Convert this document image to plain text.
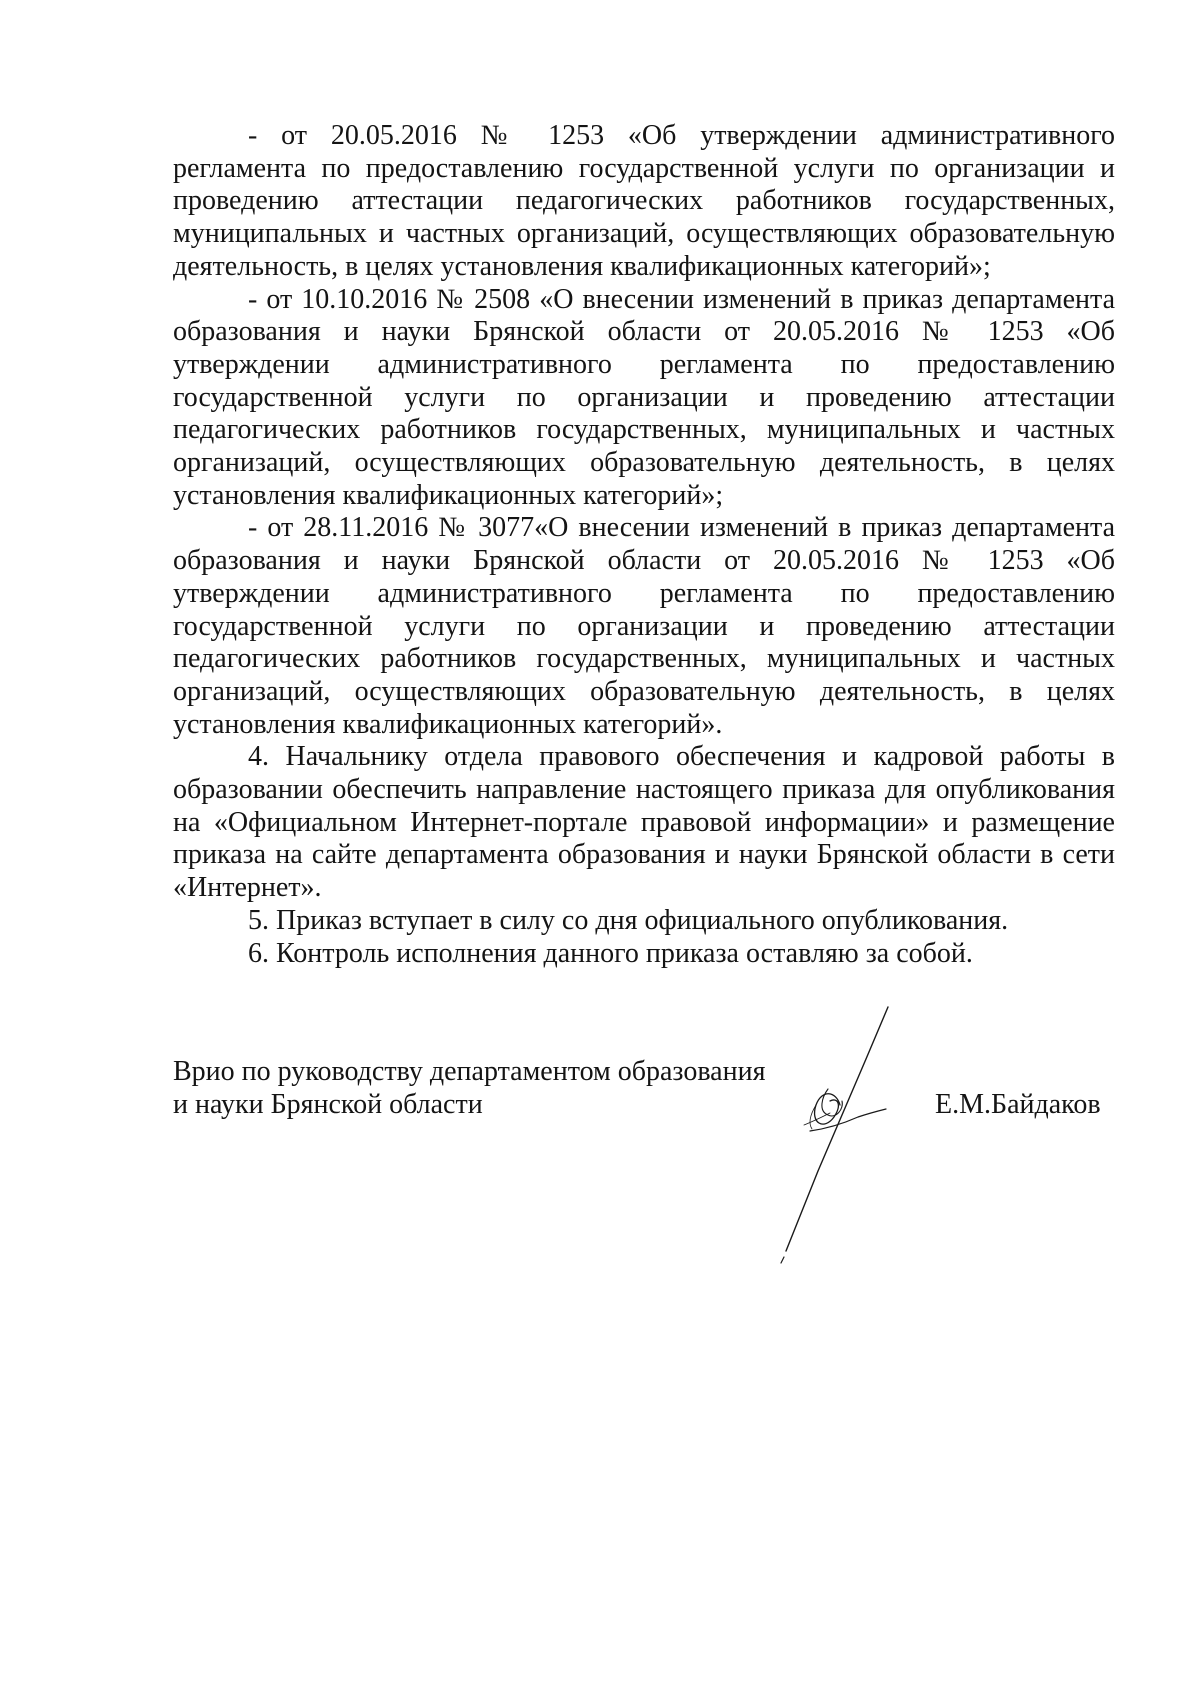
- от 20.05.2016 № 1253 «Об утверждении административного регламента по предоставлению государственной услуги по организации и проведению аттестации педагогических работников государственных, муниципальных и частных организаций, осуществляющих образовательную деятельность, в целях установления квалификационных категорий»;

- от 10.10.2016 № 2508 «О внесении изменений в приказ департамента образования и науки Брянской области от 20.05.2016 № 1253 «Об утверждении административного регламента по предоставлению государственной услуги по организации и проведению аттестации педагогических работников государственных, муниципальных и частных организаций, осуществляющих образовательную деятельность, в целях установления квалификационных категорий»;

- от 28.11.2016 № 3077«О внесении изменений в приказ департамента образования и науки Брянской области от 20.05.2016 № 1253 «Об утверждении административного регламента по предоставлению государственной услуги по организации и проведению аттестации педагогических работников государственных, муниципальных и частных организаций, осуществляющих образовательную деятельность, в целях установления квалификационных категорий».

4. Начальнику отдела правового обеспечения и кадровой работы в образовании обеспечить направление настоящего приказа для опубликования на «Официальном Интернет-портале правовой информации» и размещение приказа на сайте департамента образования и науки Брянской области в сети «Интернет».

5. Приказ вступает в силу со дня официального опубликования.

6. Контроль исполнения данного приказа оставляю за собой.

Врио по руководству департаментом образования
и науки Брянской области	Е.М.Байдаков
